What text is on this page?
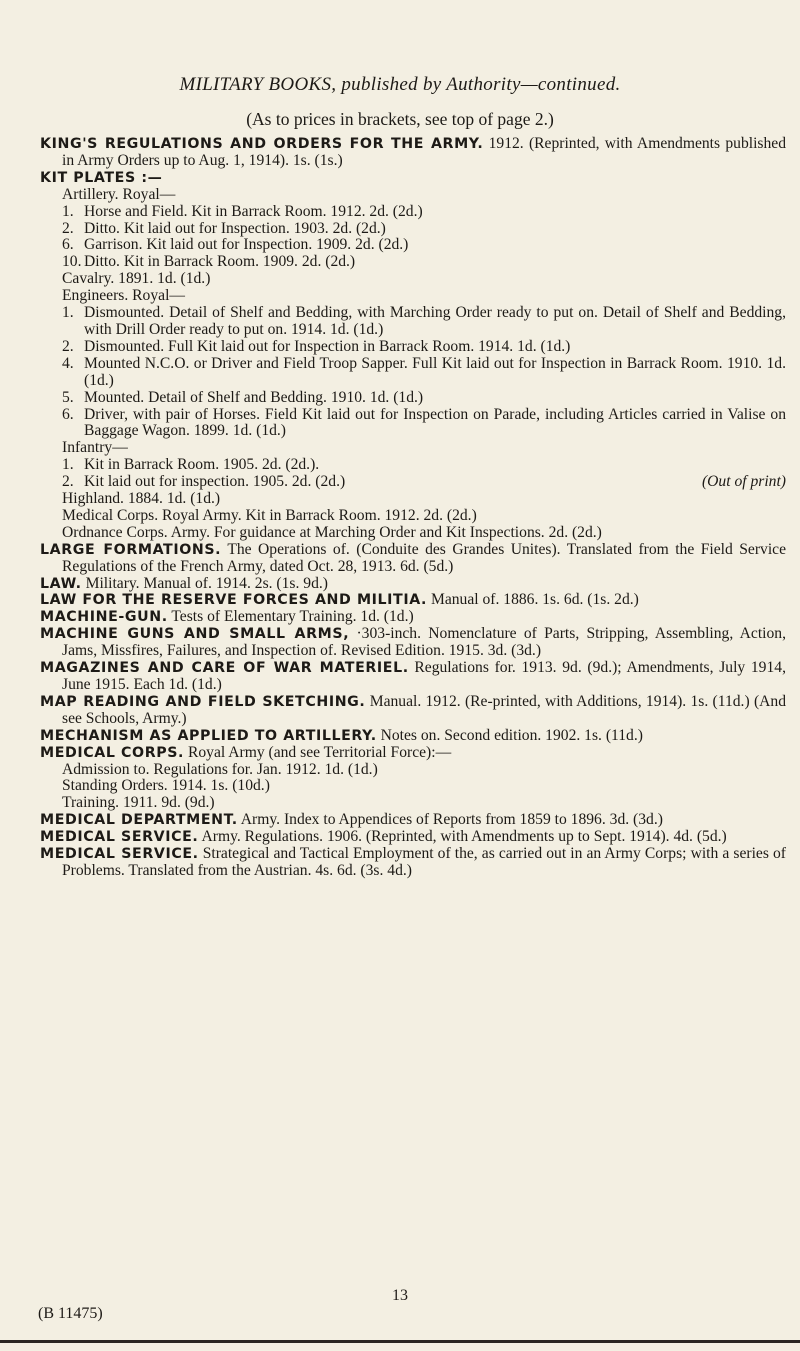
MILITARY BOOKS, published by Authority—continued.
(As to prices in brackets, see top of page 2.)

KING'S REGULATIONS AND ORDERS FOR THE ARMY. 1912. (Reprinted, with Amendments published in Army Orders up to Aug. 1, 1914). 1s. (1s.)

KIT PLATES :—

Artillery. Royal—

1. Horse and Field. Kit in Barrack Room. 1912. 2d. (2d.)

2. Ditto. Kit laid out for Inspection. 1903. 2d. (2d.)

6. Garrison. Kit laid out for Inspection. 1909. 2d. (2d.)

10. Ditto. Kit in Barrack Room. 1909. 2d. (2d.)

Cavalry. 1891. 1d. (1d.)

Engineers. Royal—

1. Dismounted. Detail of Shelf and Bedding, with Marching Order ready to put on. Detail of Shelf and Bedding, with Drill Order ready to put on. 1914. 1d. (1d.)

2. Dismounted. Full Kit laid out for Inspection in Barrack Room. 1914. 1d. (1d.)

4. Mounted N.C.O. or Driver and Field Troop Sapper. Full Kit laid out for Inspection in Barrack Room. 1910. 1d. (1d.)

5. Mounted. Detail of Shelf and Bedding. 1910. 1d. (1d.)

6. Driver, with pair of Horses. Field Kit laid out for Inspection on Parade, including Articles carried in Valise on Baggage Wagon. 1899. 1d. (1d.)

Infantry—

1. Kit in Barrack Room. 1905. 2d. (2d.).

2. Kit laid out for inspection. 1905. 2d. (2d.)	(Out of print)

Highland. 1884. 1d. (1d.)

Medical Corps. Royal Army. Kit in Barrack Room. 1912. 2d. (2d.)

Ordnance Corps. Army. For guidance at Marching Order and Kit Inspections. 2d. (2d.)

LARGE FORMATIONS. The Operations of. (Conduite des Grandes Unites). Translated from the Field Service Regulations of the French Army, dated Oct. 28, 1913. 6d. (5d.)

LAW. Military. Manual of. 1914. 2s. (1s. 9d.)

LAW FOR THE RESERVE FORCES AND MILITIA. Manual of. 1886. 1s. 6d. (1s. 2d.)

MACHINE-GUN. Tests of Elementary Training. 1d. (1d.)

MACHINE GUNS AND SMALL ARMS, ·303-inch. Nomenclature of Parts, Stripping, Assembling, Action, Jams, Missfires, Failures, and Inspection of. Revised Edition. 1915. 3d. (3d.)

MAGAZINES AND CARE OF WAR MATERIEL. Regulations for. 1913. 9d. (9d.); Amendments, July 1914, June 1915. Each 1d. (1d.)

MAP READING AND FIELD SKETCHING. Manual. 1912. (Re-printed, with Additions, 1914). 1s. (11d.) (And see Schools, Army.)

MECHANISM AS APPLIED TO ARTILLERY. Notes on. Second edition. 1902. 1s. (11d.)

MEDICAL CORPS. Royal Army (and see Territorial Force):—

Admission to. Regulations for. Jan. 1912. 1d. (1d.)

Standing Orders. 1914. 1s. (10d.)

Training. 1911. 9d. (9d.)

MEDICAL DEPARTMENT. Army. Index to Appendices of Reports from 1859 to 1896. 3d. (3d.)

MEDICAL SERVICE. Army. Regulations. 1906. (Reprinted, with Amendments up to Sept. 1914). 4d. (5d.)

MEDICAL SERVICE. Strategical and Tactical Employment of the, as carried out in an Army Corps; with a series of Problems. Translated from the Austrian. 4s. 6d. (3s. 4d.)

13
(B 11475)
